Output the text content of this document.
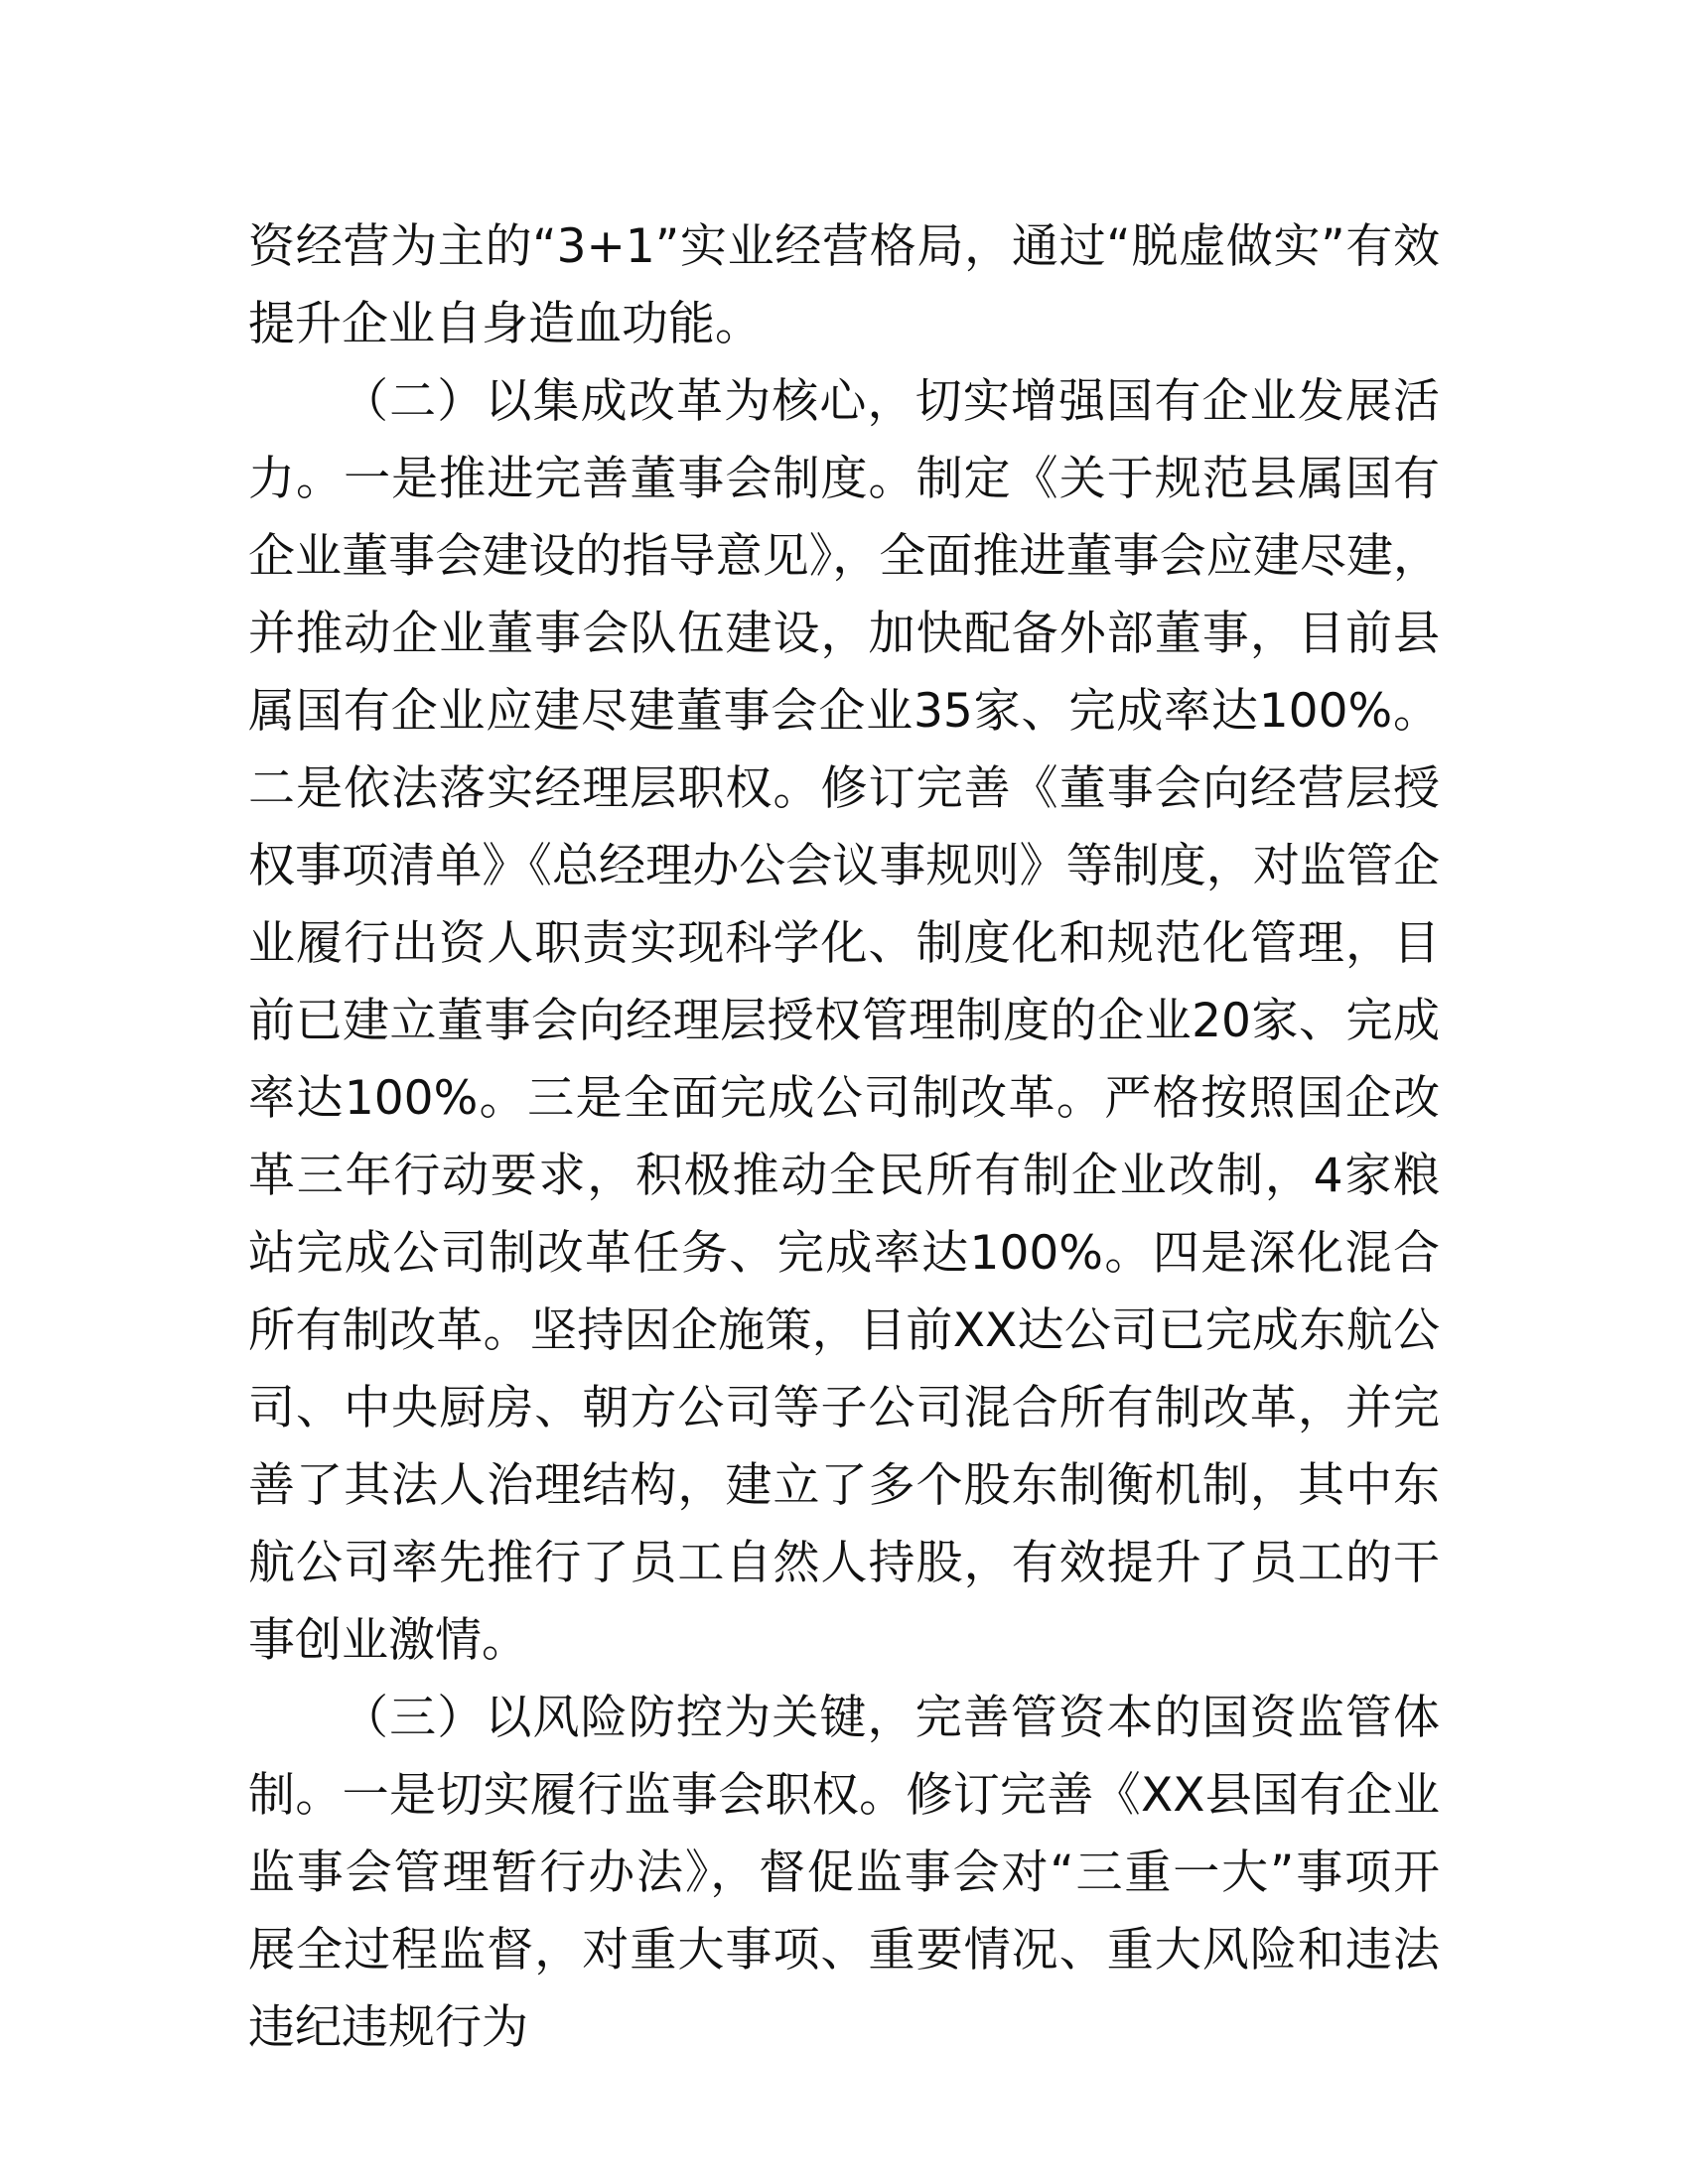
资经营为主的“3+1”实业经营格局，通过“脱虚做实”有效提升企业自身造血功能。

（二）以集成改革为核心，切实增强国有企业发展活力。一是推进完善董事会制度。制定《关于规范县属国有企业董事会建设的指导意见》，全面推进董事会应建尽建，并推动企业董事会队伍建设，加快配备外部董事，目前县属国有企业应建尽建董事会企业35家、完成率达100%。二是依法落实经理层职权。修订完善《董事会向经营层授权事项清单》《总经理办公会议事规则》等制度，对监管企业履行出资人职责实现科学化、制度化和规范化管理，目前已建立董事会向经理层授权管理制度的企业20家、完成率达100%。三是全面完成公司制改革。严格按照国企改革三年行动要求，积极推动全民所有制企业改制，4家粮站完成公司制改革任务、完成率达100%。四是深化混合所有制改革。坚持因企施策，目前XX达公司已完成东航公司、中央厨房、朝方公司等子公司混合所有制改革，并完善了其法人治理结构，建立了多个股东制衡机制，其中东航公司率先推行了员工自然人持股，有效提升了员工的干事创业激情。

（三）以风险防控为关键，完善管资本的国资监管体制。一是切实履行监事会职权。修订完善《XX县国有企业监事会管理暂行办法》，督促监事会对“三重一大”事项开展全过程监督，对重大事项、重要情况、重大风险和违法违纪违规行为
